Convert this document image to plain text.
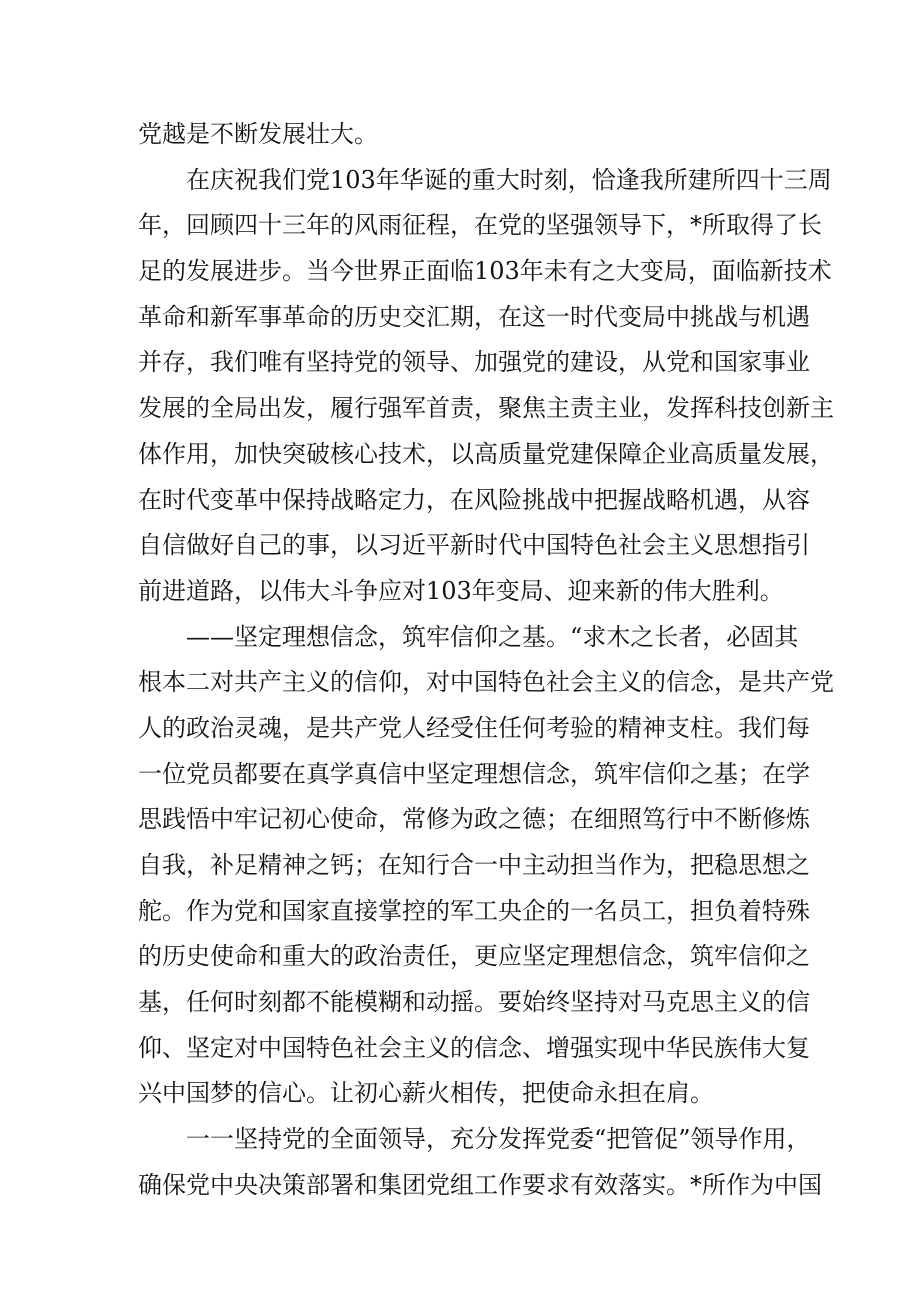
党越是不断发展壮大。
在庆祝我们党103年华诞的重大时刻，恰逢我所建所四十三周
年，回顾四十三年的风雨征程，在党的坚强领导下，*所取得了长
足的发展进步。当今世界正面临103年未有之大变局，面临新技术
革命和新军事革命的历史交汇期，在这一时代变局中挑战与机遇
并存，我们唯有坚持党的领导、加强党的建设，从党和国家事业
发展的全局出发，履行强军首责，聚焦主责主业，发挥科技创新主
体作用，加快突破核心技术，以高质量党建保障企业高质量发展，
在时代变革中保持战略定力，在风险挑战中把握战略机遇，从容
自信做好自己的事，以习近平新时代中国特色社会主义思想指引
前进道路，以伟大斗争应对103年变局、迎来新的伟大胜利。
——坚定理想信念，筑牢信仰之基。“求木之长者，必固其
根本二对共产主义的信仰，对中国特色社会主义的信念，是共产党
人的政治灵魂，是共产党人经受住任何考验的精神支柱。我们每
一位党员都要在真学真信中坚定理想信念，筑牢信仰之基；在学
思践悟中牢记初心使命，常修为政之德；在细照笃行中不断修炼
自我，补足精神之钙；在知行合一中主动担当作为，把稳思想之
舵。作为党和国家直接掌控的军工央企的一名员工，担负着特殊
的历史使命和重大的政治责任，更应坚定理想信念，筑牢信仰之
基，任何时刻都不能模糊和动摇。要始终坚持对马克思主义的信
仰、坚定对中国特色社会主义的信念、增强实现中华民族伟大复
兴中国梦的信心。让初心薪火相传，把使命永担在肩。
一一坚持党的全面领导，充分发挥党委“把管促”领导作用，
确保党中央决策部署和集团党组工作要求有效落实。*所作为中国
